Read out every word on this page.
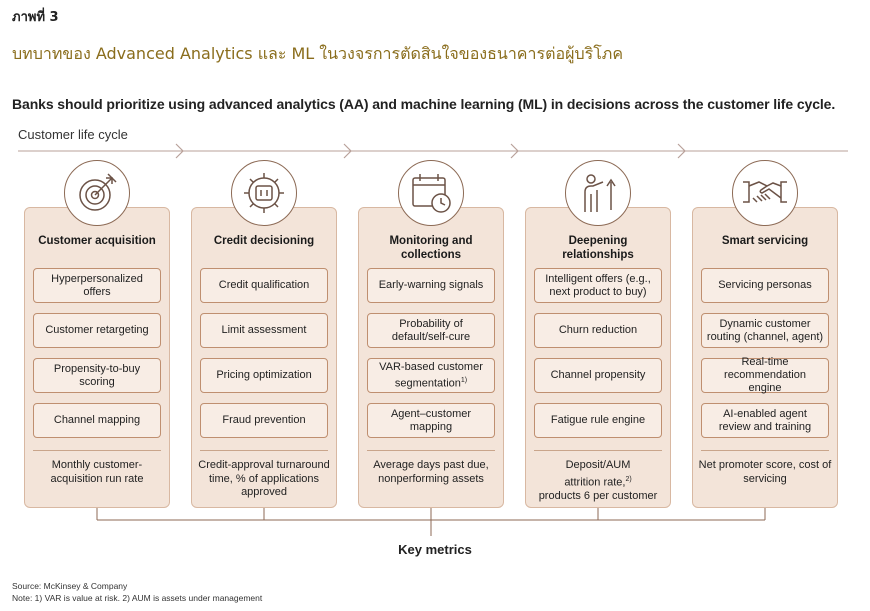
ภาพที่ 3
บทบาทของ Advanced Analytics และ ML ในวงจรการตัดสินใจของธนาคารต่อผู้บริโภค
Banks should prioritize using advanced analytics (AA) and machine learning (ML) in decisions across the customer life cycle.
Customer life cycle
Customer acquisition
Hyperpersonalized offers
Customer retargeting
Propensity-to-buy scoring
Channel mapping
Monthly customer-acquisition run rate
Credit decisioning
Credit qualification
Limit assessment
Pricing optimization
Fraud prevention
Credit-approval turnaround time, % of applications approved
Monitoring and collections
Early-warning signals
Probability of default/self-cure
VAR-based customer segmentation$^{1)}$
Agent–customer mapping
Average days past due, nonperforming assets
Deepening relationships
Intelligent offers (e.g., next product to buy)
Churn reduction
Channel propensity
Fatigue rule engine
Deposit/AUM
attrition rate,$^{2)}$
products 6 per customer
Smart servicing
Servicing personas
Dynamic customer routing (channel, agent)
Real-time recommendation engine
AI-enabled agent review and training
Net promoter score, cost of servicing
Key metrics
Source: McKinsey & Company
Note: 1) VAR is value at risk. 2) AUM is assets under management
